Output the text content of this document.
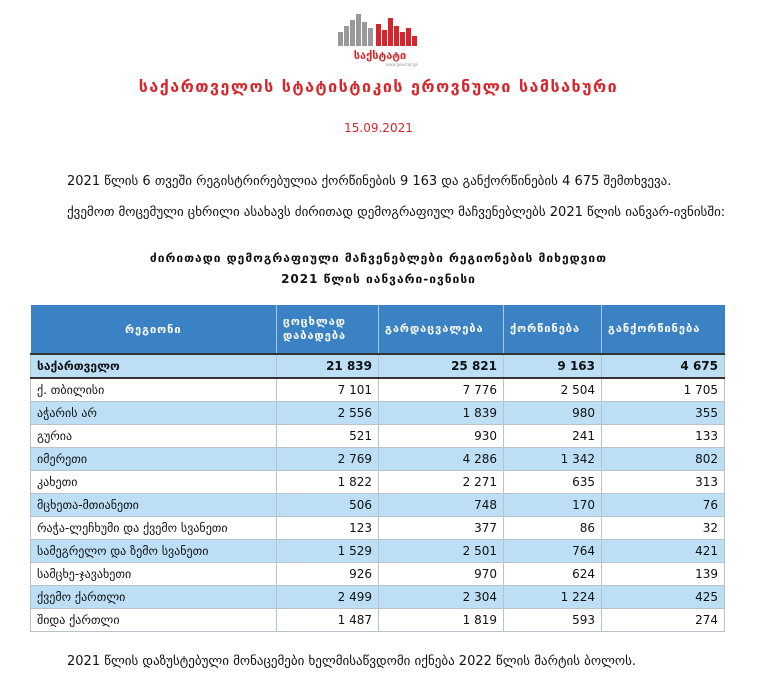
საქსტატი
www.geostat.ge
საქართველოს სტატისტიკის ეროვნული სამსახური
15.09.2021
2021 წლის 6 თვეში რეგისტრირებულია ქორწინების 9 163 და განქორწინების 4 675 შემთხვევა.
ქვემოთ მოცემული ცხრილი ასახავს ძირითად დემოგრაფიულ მაჩვენებლებს 2021 წლის იანვარ-ივნისში:
ძირითადი დემოგრაფიული მაჩვენებლები რეგიონების მიხედვით
2021 წლის იანვარი-ივნისი
რეგიონი	ცოცხლად დაბადება	გარდაცვალება	ქორწინება	განქორწინება
საქართველო	21 839	25 821	9 163	4 675
ქ. თბილისი	7 101	7 776	2 504	1 705
აჭარის არ	2 556	1 839	980	355
გურია	521	930	241	133
იმერეთი	2 769	4 286	1 342	802
კახეთი	1 822	2 271	635	313
მცხეთა-მთიანეთი	506	748	170	76
რაჭა-ლეჩხუმი და ქვემო სვანეთი	123	377	86	32
სამეგრელო და ზემო სვანეთი	1 529	2 501	764	421
სამცხე-ჯავახეთი	926	970	624	139
ქვემო ქართლი	2 499	2 304	1 224	425
შიდა ქართლი	1 487	1 819	593	274
2021 წლის დაზუსტებული მონაცემები ხელმისაწვდომი იქნება 2022 წლის მარტის ბოლოს.
